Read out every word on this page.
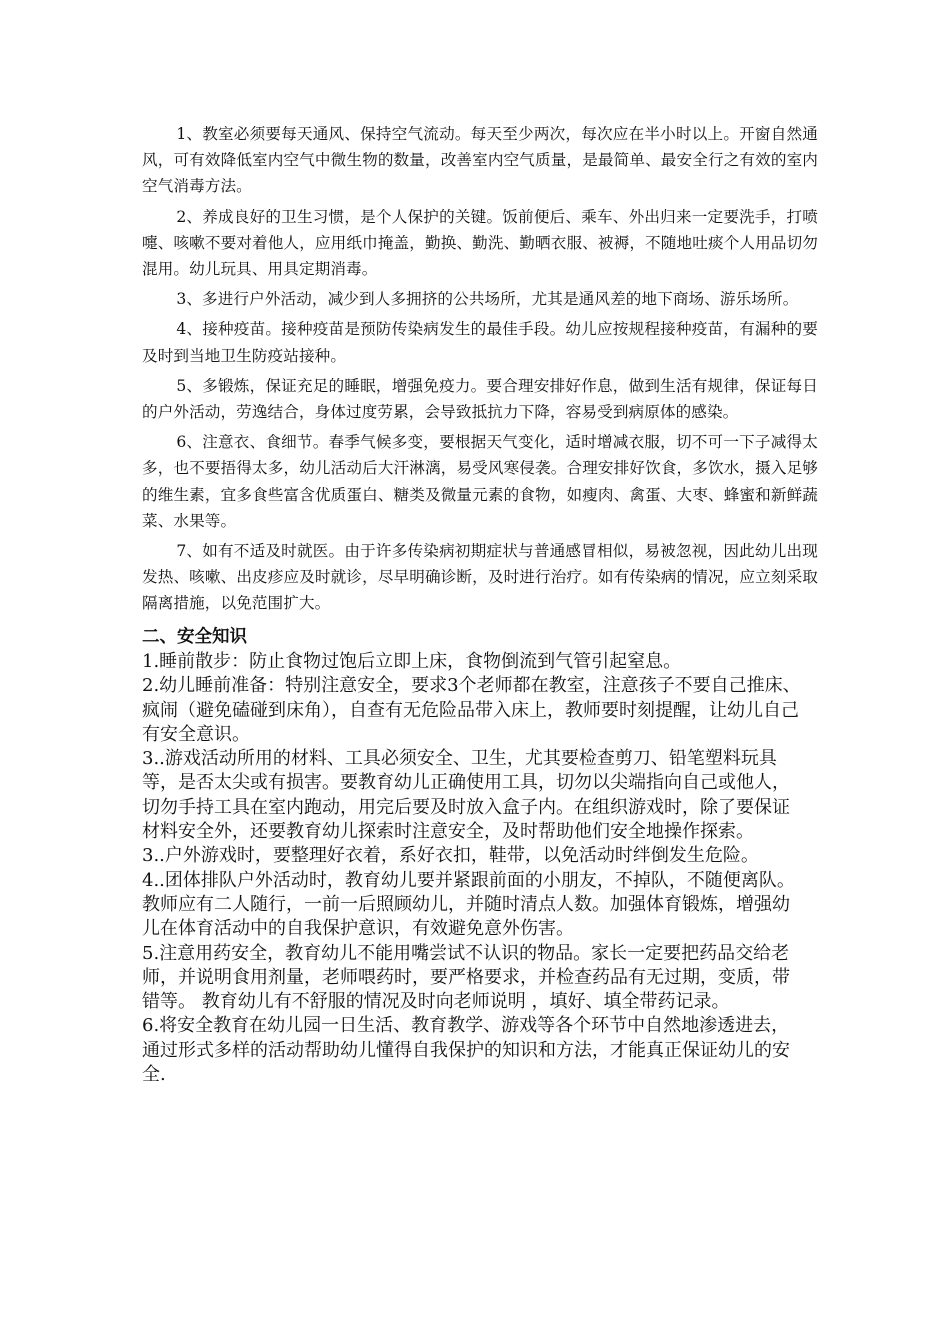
1、教室必须要每天通风、保持空气流动。每天至少两次，每次应在半小时以上。开窗自然通风，可有效降低室内空气中微生物的数量，改善室内空气质量，是最简单、最安全行之有效的室内空气消毒方法。

2、养成良好的卫生习惯，是个人保护的关键。饭前便后、乘车、外出归来一定要洗手，打喷嚏、咳嗽不要对着他人，应用纸巾掩盖，勤换、勤洗、勤晒衣服、被褥，不随地吐痰个人用品切勿混用。幼儿玩具、用具定期消毒。

3、多进行户外活动，减少到人多拥挤的公共场所，尤其是通风差的地下商场、游乐场所。

4、接种疫苗。接种疫苗是预防传染病发生的最佳手段。幼儿应按规程接种疫苗，有漏种的要及时到当地卫生防疫站接种。

5、多锻炼，保证充足的睡眠，增强免疫力。要合理安排好作息，做到生活有规律，保证每日的户外活动，劳逸结合，身体过度劳累，会导致抵抗力下降，容易受到病原体的感染。

6、注意衣、食细节。春季气候多变，要根据天气变化，适时增减衣服，切不可一下子减得太多，也不要捂得太多，幼儿活动后大汗淋漓，易受风寒侵袭。合理安排好饮食，多饮水，摄入足够的维生素，宜多食些富含优质蛋白、糖类及微量元素的食物，如瘦肉、禽蛋、大枣、蜂蜜和新鲜蔬菜、水果等。

7、如有不适及时就医。由于许多传染病初期症状与普通感冒相似，易被忽视，因此幼儿出现发热、咳嗽、出皮疹应及时就诊，尽早明确诊断，及时进行治疗。如有传染病的情况，应立刻采取隔离措施，以免范围扩大。

二、安全知识

1.睡前散步：防止食物过饱后立即上床，食物倒流到气管引起窒息。

2.幼儿睡前准备：特别注意安全，要求3个老师都在教室，注意孩子不要自己推床、疯闹（避免磕碰到床角），自查有无危险品带入床上，教师要时刻提醒，让幼儿自己有安全意识。

3..游戏活动所用的材料、工具必须安全、卫生，尤其要检查剪刀、铅笔塑料玩具等，是否太尖或有损害。要教育幼儿正确使用工具，切勿以尖端指向自己或他人，切勿手持工具在室内跑动，用完后要及时放入盒子内。在组织游戏时，除了要保证材料安全外，还要教育幼儿探索时注意安全，及时帮助他们安全地操作探索。

3..户外游戏时，要整理好衣着，系好衣扣，鞋带，以免活动时绊倒发生危险。

4..团体排队户外活动时，教育幼儿要并紧跟前面的小朋友，不掉队，不随便离队。教师应有二人随行，一前一后照顾幼儿，并随时清点人数。加强体育锻炼，增强幼儿在体育活动中的自我保护意识，有效避免意外伤害。

5.注意用药安全，教育幼儿不能用嘴尝试不认识的物品。家长一定要把药品交给老师，并说明食用剂量，老师喂药时，要严格要求，并检查药品有无过期，变质，带错等。 教育幼儿有不舒服的情况及时向老师说明 ，填好、填全带药记录。

6.将安全教育在幼儿园一日生活、教育教学、游戏等各个环节中自然地渗透进去，通过形式多样的活动帮助幼儿懂得自我保护的知识和方法，才能真正保证幼儿的安全.
